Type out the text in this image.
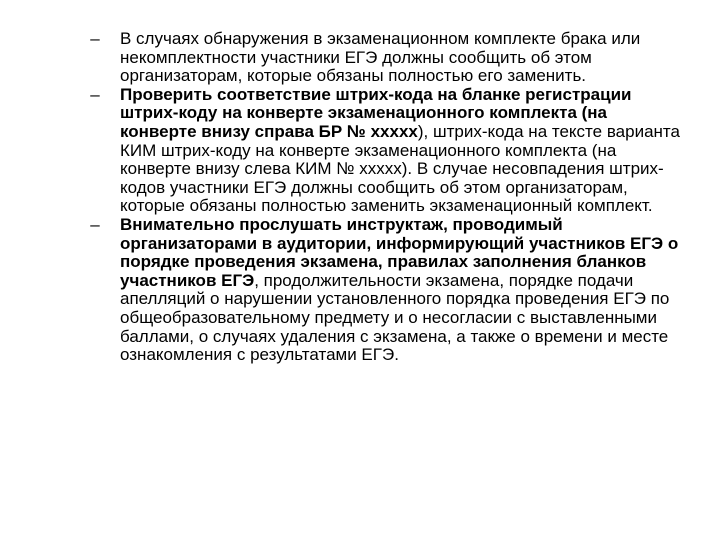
– В случаях обнаружения в экзаменационном комплекте брака или некомплектности участники ЕГЭ должны сообщить об этом организаторам, которые обязаны полностью его заменить.
– Проверить соответствие штрих-кода на бланке регистрации штрих-коду на конверте экзаменационного комплекта (на конверте внизу справа БР № ххххх), штрих-кода на тексте варианта КИМ штрих-коду на конверте экзаменационного комплекта (на конверте внизу слева КИМ № ххххх). В случае несовпадения штрих-кодов участники ЕГЭ должны сообщить об этом организаторам, которые обязаны полностью заменить экзаменационный комплект.
– Внимательно прослушать инструктаж, проводимый организаторами в аудитории, информирующий участников ЕГЭ о порядке проведения экзамена, правилах заполнения бланков участников ЕГЭ, продолжительности экзамена, порядке подачи апелляций о нарушении установленного порядка проведения ЕГЭ по общеобразовательному предмету и о несогласии с выставленными баллами, о случаях удаления с экзамена, а также о времени и месте ознакомления с результатами ЕГЭ.
